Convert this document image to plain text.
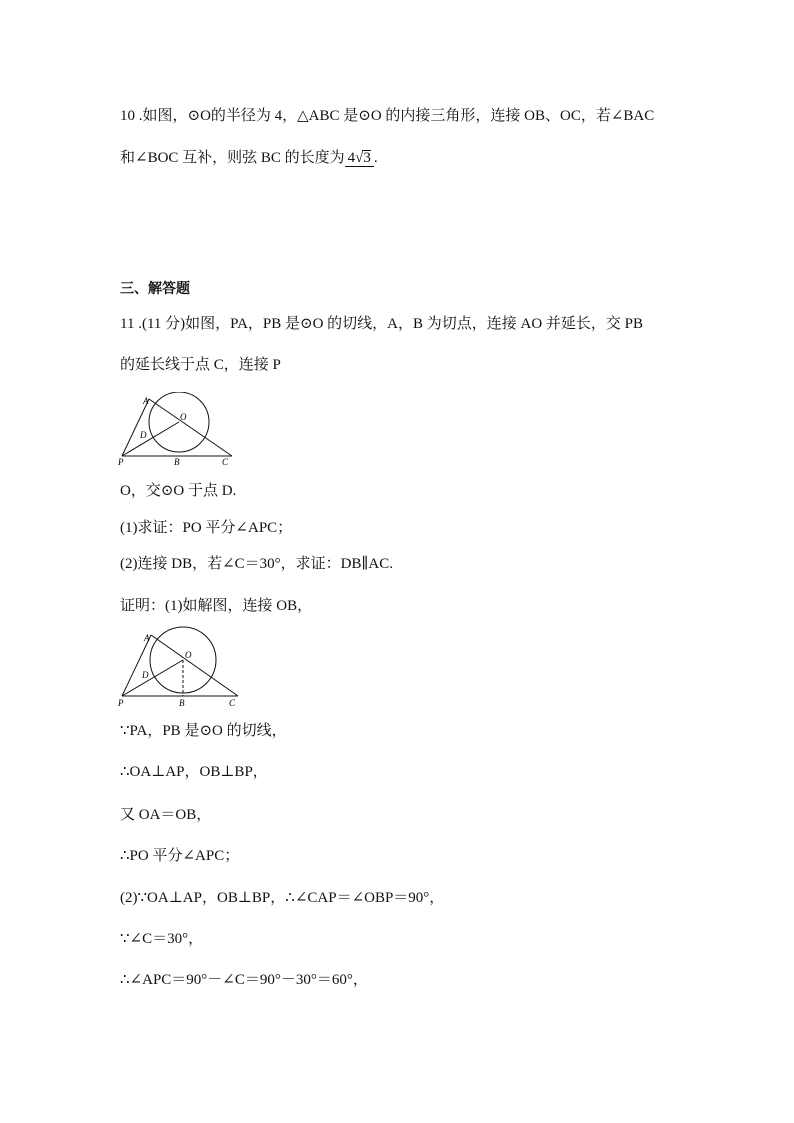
10 .如图，⊙O的半径为 4，△ABC 是⊙O 的内接三角形，连接 OB、OC，若∠BAC
和∠BOC 互补，则弦 BC 的长度为 4√3 .
三、解答题
11 .(11 分)如图，PA，PB 是⊙O 的切线，A，B 为切点，连接 AO 并延长，交 PB
的延长线于点 C，连接 P
A
O
D
P	B	C
O，交⊙O 于点 D.
(1)求证：PO 平分∠APC；
(2)连接 DB，若∠C＝30°，求证：DB∥AC.
证明：(1)如解图，连接 OB，
A
O
D
P	B	C
∵PA，PB 是⊙O 的切线，
∴OA⊥AP，OB⊥BP，
又 OA＝OB，
∴PO 平分∠APC；
(2)∵OA⊥AP，OB⊥BP，∴∠CAP＝∠OBP＝90°，
∵∠C＝30°，
∴∠APC＝90°－∠C＝90°－30°＝60°，
